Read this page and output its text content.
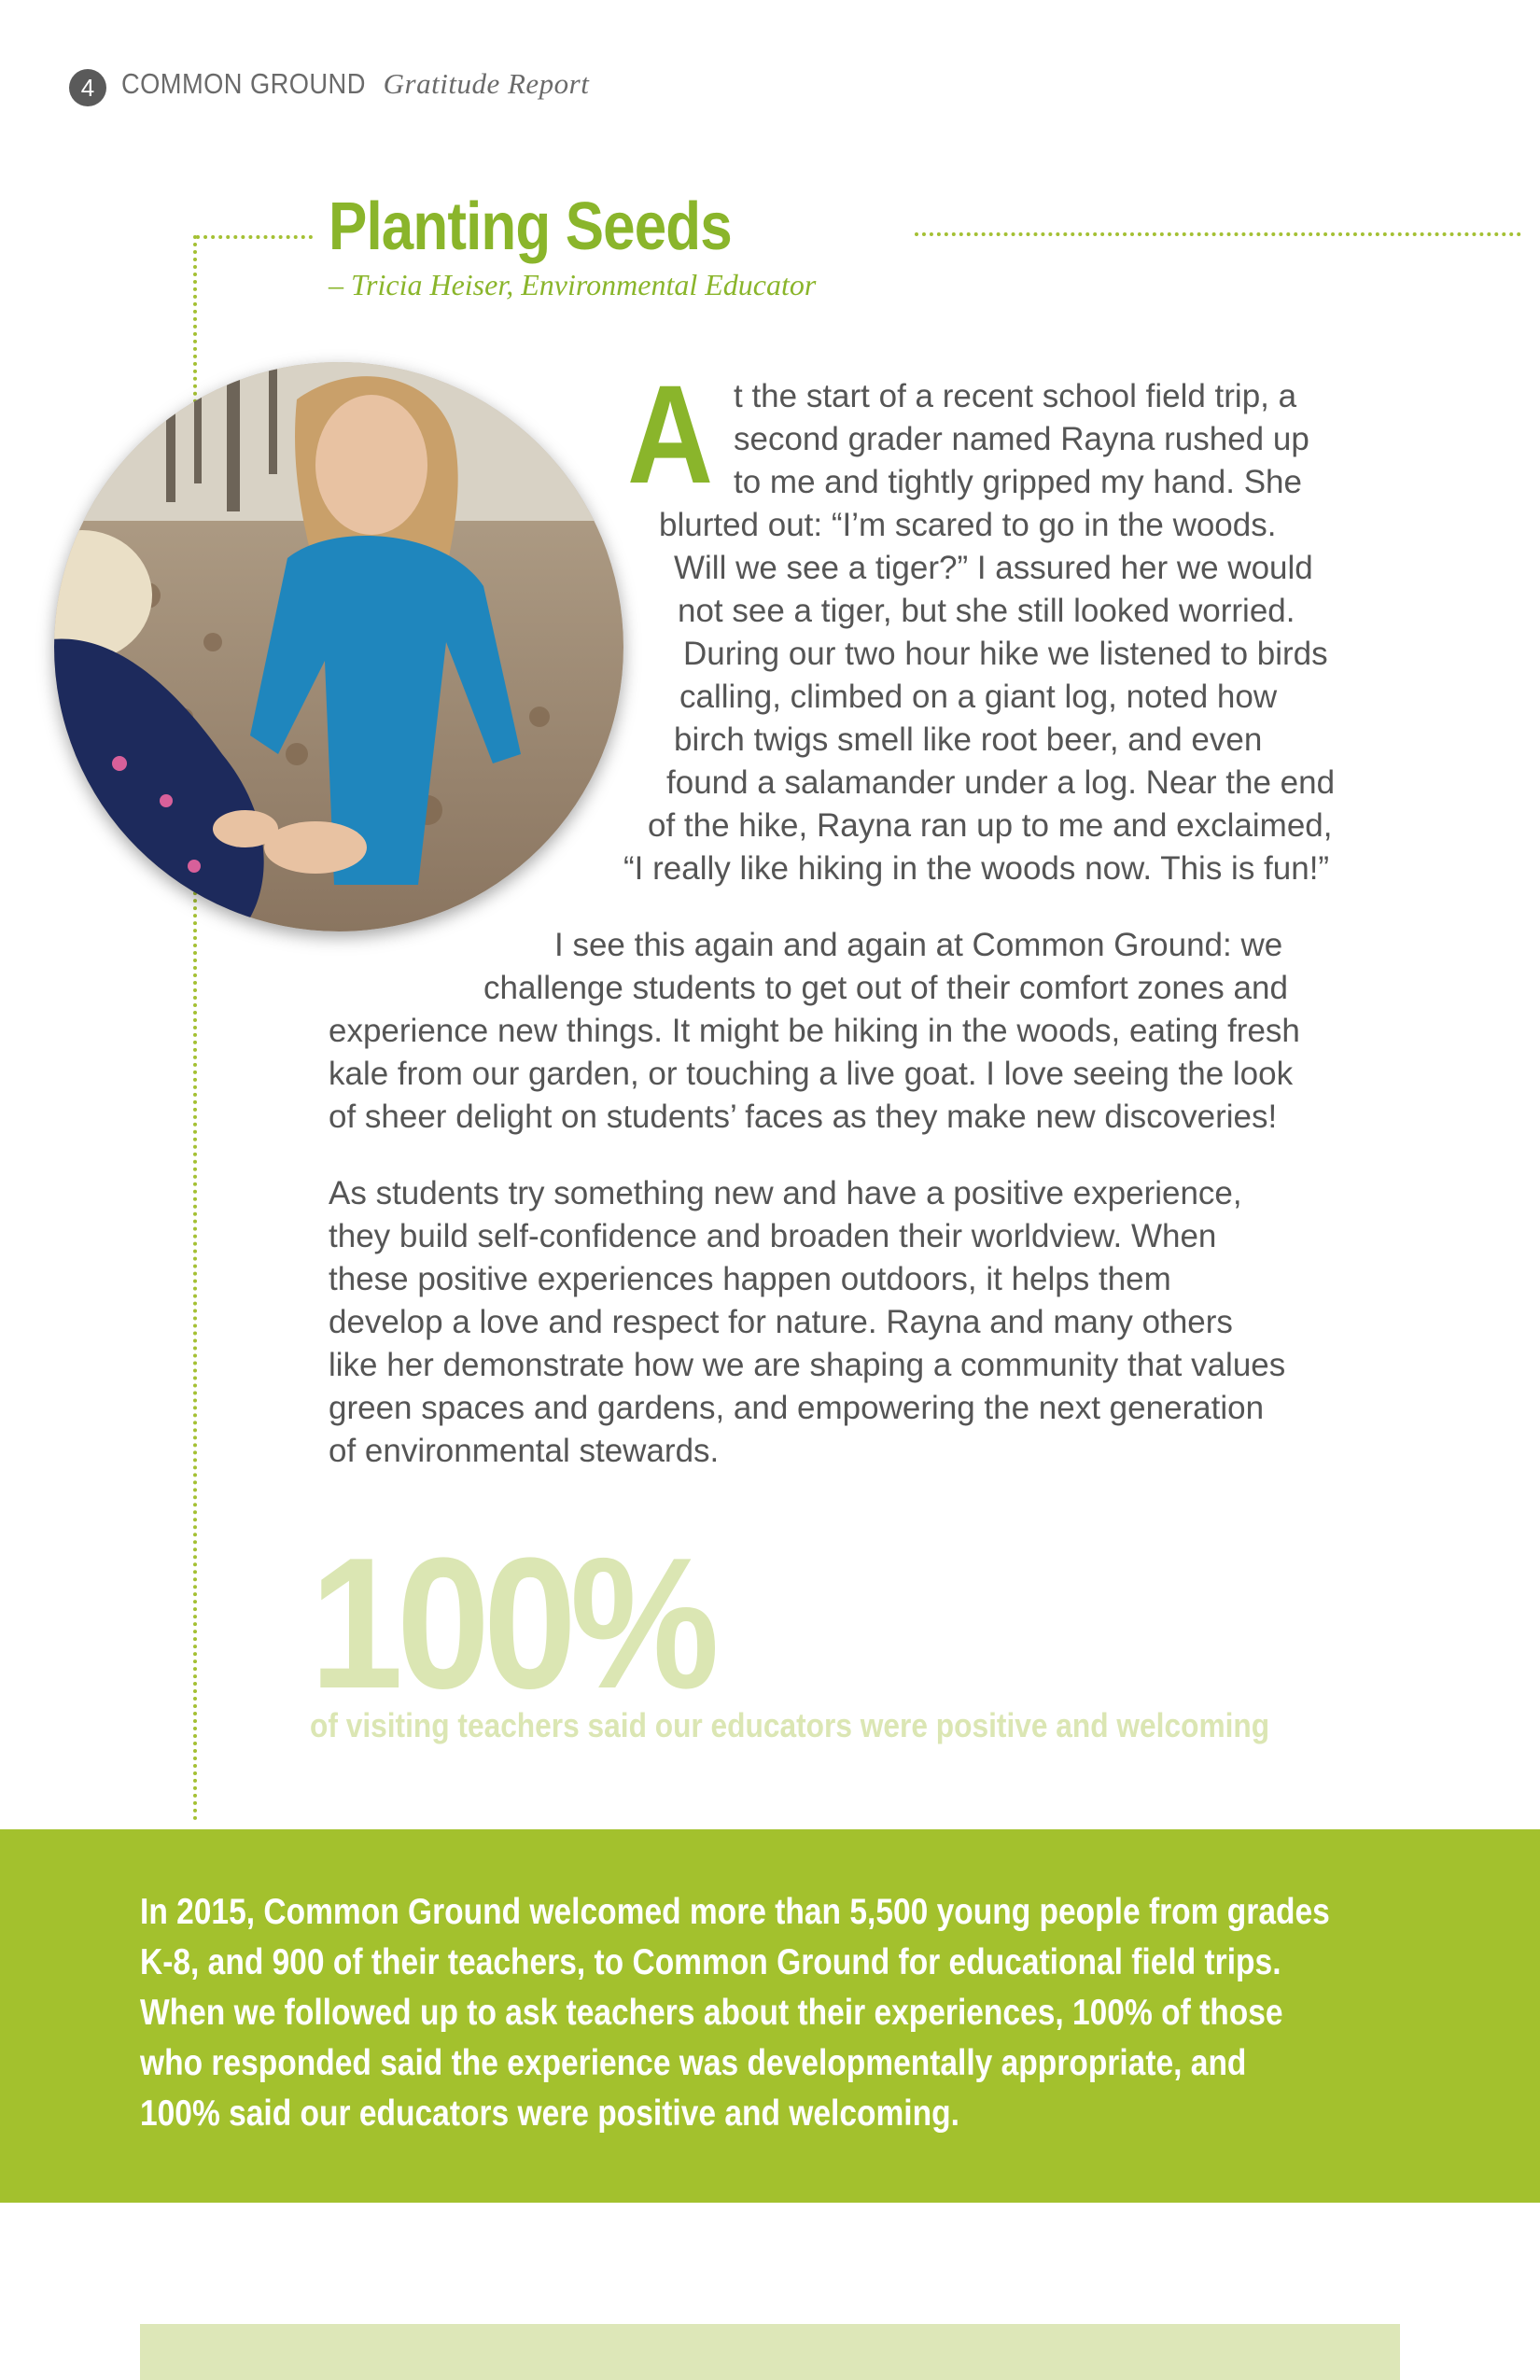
4 COMMON GROUND Gratitude Report
Planting Seeds
– Tricia Heiser, Environmental Educator
A t the start of a recent school field trip, a
second grader named Rayna rushed up
to me and tightly gripped my hand. She
blurted out: “I’m scared to go in the woods.
Will we see a tiger?” I assured her we would
not see a tiger, but she still looked worried.
During our two hour hike we listened to birds
calling, climbed on a giant log, noted how
birch twigs smell like root beer, and even
found a salamander under a log. Near the end
of the hike, Rayna ran up to me and exclaimed,
“I really like hiking in the woods now. This is fun!”
I see this again and again at Common Ground: we
challenge students to get out of their comfort zones and
experience new things. It might be hiking in the woods, eating fresh
kale from our garden, or touching a live goat. I love seeing the look
of sheer delight on students’ faces as they make new discoveries!
As students try something new and have a positive experience,
they build self-confidence and broaden their worldview. When
these positive experiences happen outdoors, it helps them
develop a love and respect for nature. Rayna and many others
like her demonstrate how we are shaping a community that values
green spaces and gardens, and empowering the next generation
of environmental stewards.
100%
of visiting teachers said our educators were positive and welcoming
In 2015, Common Ground welcomed more than 5,500 young people from grades
K-8, and 900 of their teachers, to Common Ground for educational field trips.
When we followed up to ask teachers about their experiences, 100% of those
who responded said the experience was developmentally appropriate, and
100% said our educators were positive and welcoming.
